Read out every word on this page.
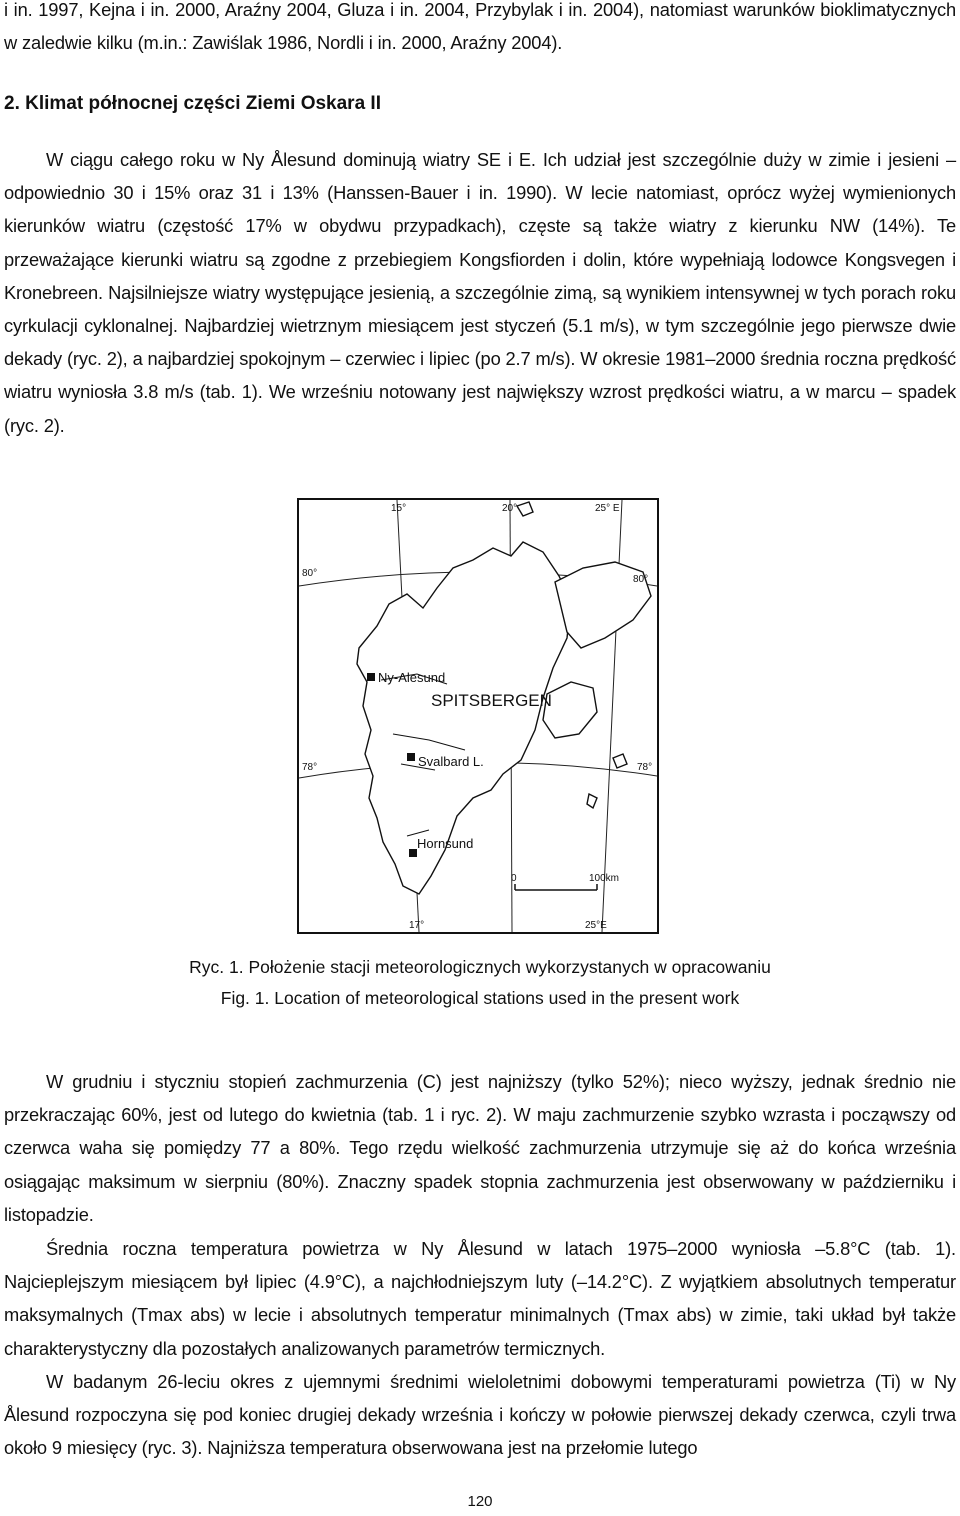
i in. 1997, Kejna i in. 2000, Araźny 2004, Gluza i in. 2004, Przybylak i in. 2004), natomiast warunków bioklimatycznych w zaledwie kilku (m.in.: Zawiślak 1986, Nordli i in. 2000, Araźny 2004).

2. Klimat północnej części Ziemi Oskara II

W ciągu całego roku w Ny Ålesund dominują wiatry SE i E. Ich udział jest szczególnie duży w zimie i jesieni – odpowiednio 30 i 15% oraz 31 i 13% (Hanssen-Bauer i in. 1990). W lecie natomiast, oprócz wyżej wymienionych kierunków wiatru (częstość 17% w obydwu przypadkach), częste są także wiatry z kierunku NW (14%). Te przeważające kierunki wiatru są zgodne z przebiegiem Kongsfiorden i dolin, które wypełniają lodowce Kongsvegen i Kronebreen. Najsilniejsze wiatry występujące jesienią, a szczególnie zimą, są wynikiem intensywnej w tych porach roku cyrkulacji cyklonalnej. Najbardziej wietrznym miesiącem jest styczeń (5.1 m/s), w tym szczególnie jego pierwsze dwie dekady (ryc. 2), a najbardziej spokojnym – czerwiec i lipiec (po 2.7 m/s). W okresie 1981–2000 średnia roczna prędkość wiatru wyniosła 3.8 m/s (tab. 1). We wrześniu notowany jest największy wzrost prędkości wiatru, a w marcu – spadek (ryc. 2).

15°	20°	25° E
17°	25°E
80°
78°
80°
78°
SPITSBERGEN
Ny-Alesund
Svalbard L.
Hornsund
0	100km

Ryc. 1. Położenie stacji meteorologicznych wykorzystanych w opracowaniu

Fig. 1. Location of meteorological stations used in the present work

W grudniu i styczniu stopień zachmurzenia (C) jest najniższy (tylko 52%); nieco wyższy, jednak średnio nie przekraczając 60%, jest od lutego do kwietnia (tab. 1 i ryc. 2). W maju zachmurzenie szybko wzrasta i począwszy od czerwca waha się pomiędzy 77 a 80%. Tego rzędu wielkość zachmurzenia utrzymuje się aż do końca września osiągając maksimum w sierpniu (80%). Znaczny spadek stopnia zachmurzenia jest obserwowany w październiku i listopadzie.

Średnia roczna temperatura powietrza w Ny Ålesund w latach 1975–2000 wyniosła –5.8°C (tab. 1). Najcieplejszym miesiącem był lipiec (4.9°C), a najchłodniejszym luty (–14.2°C). Z wyjątkiem absolutnych temperatur maksymalnych (Tmax abs) w lecie i absolutnych temperatur minimalnych (Tmax abs) w zimie, taki układ był także charakterystyczny dla pozostałych analizowanych parametrów termicznych.

W badanym 26-leciu okres z ujemnymi średnimi wieloletnimi dobowymi temperaturami powietrza (Ti) w Ny Ålesund rozpoczyna się pod koniec drugiej dekady września i kończy w połowie pierwszej dekady czerwca, czyli trwa około 9 miesięcy (ryc. 3). Najniższa temperatura obserwowana jest na przełomie lutego

120
